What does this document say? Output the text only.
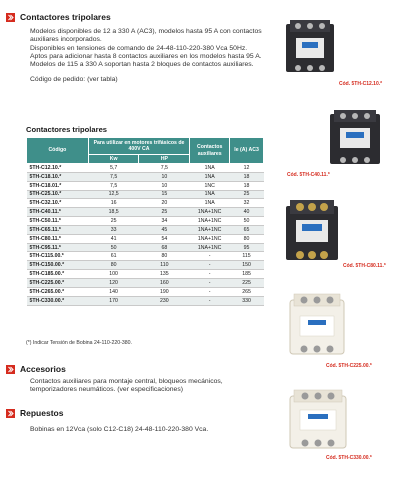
Contactores tripolares
Modelos disponibles de 12 a 330 A (AC3), modelos hasta 95 A con contactos auxiliares incorporados.
Disponibles en tensiones de comando de 24-48-110-220-380 Vca 50Hz.
Aptos para adicionar hasta 8 contactos auxiliares en los modelos hasta 95 A.
Modelos de 115 a 330 A soportan hasta 2 bloques de contactos auxiliares.
Código de pedido: (ver tabla)
Contactores tripolares
Código	Para utilizar en motores trifásicos de 400V CA		Contactos auxiliares	Ie (A) AC3
	Kw	HP		
5TH-C12.10.*	5,7	7,5	1NA	12
5TH-C18.10.*	7,5	10	1NA	18
5TH-C18.01.*	7,5	10	1NC	18
5TH-C25.10.*	12,5	15	1NA	25
5TH-C32.10.*	16	20	1NA	32
5TH-C40.11.*	18,5	25	1NA+1NC	40
5TH-C50.11.*	25	34	1NA+1NC	50
5TH-C65.11.*	33	45	1NA+1NC	65
5TH-C80.11.*	41	54	1NA+1NC	80
5TH-C95.11.*	50	68	1NA+1NC	95
5TH-C115.00.*	61	80	-	115
5TH-C150.00.*	80	110	-	150
5TH-C185.00.*	100	135	-	185
5TH-C225.00.*	120	160	-	225
5TH-C265.00.*	140	190	-	265
5TH-C330.00.*	170	230	-	330
(*) Indicar Tensión de Bobina 24-110-220-380.
Accesorios
Contactos auxiliares para montaje central, bloqueos mecánicos, temporizadores neumáticos. (ver especificaciones)
Repuestos
Bobinas en 12Vca (solo C12-C18) 24-48-110-220-380 Vca.
Cód. 5TH-C12.10.*
Cód. 5TH-C40.11.*
Cód. 5TH-C80.11.*
Cód. 5TH-C225.00.*
Cód. 5TH-C330.00.*
